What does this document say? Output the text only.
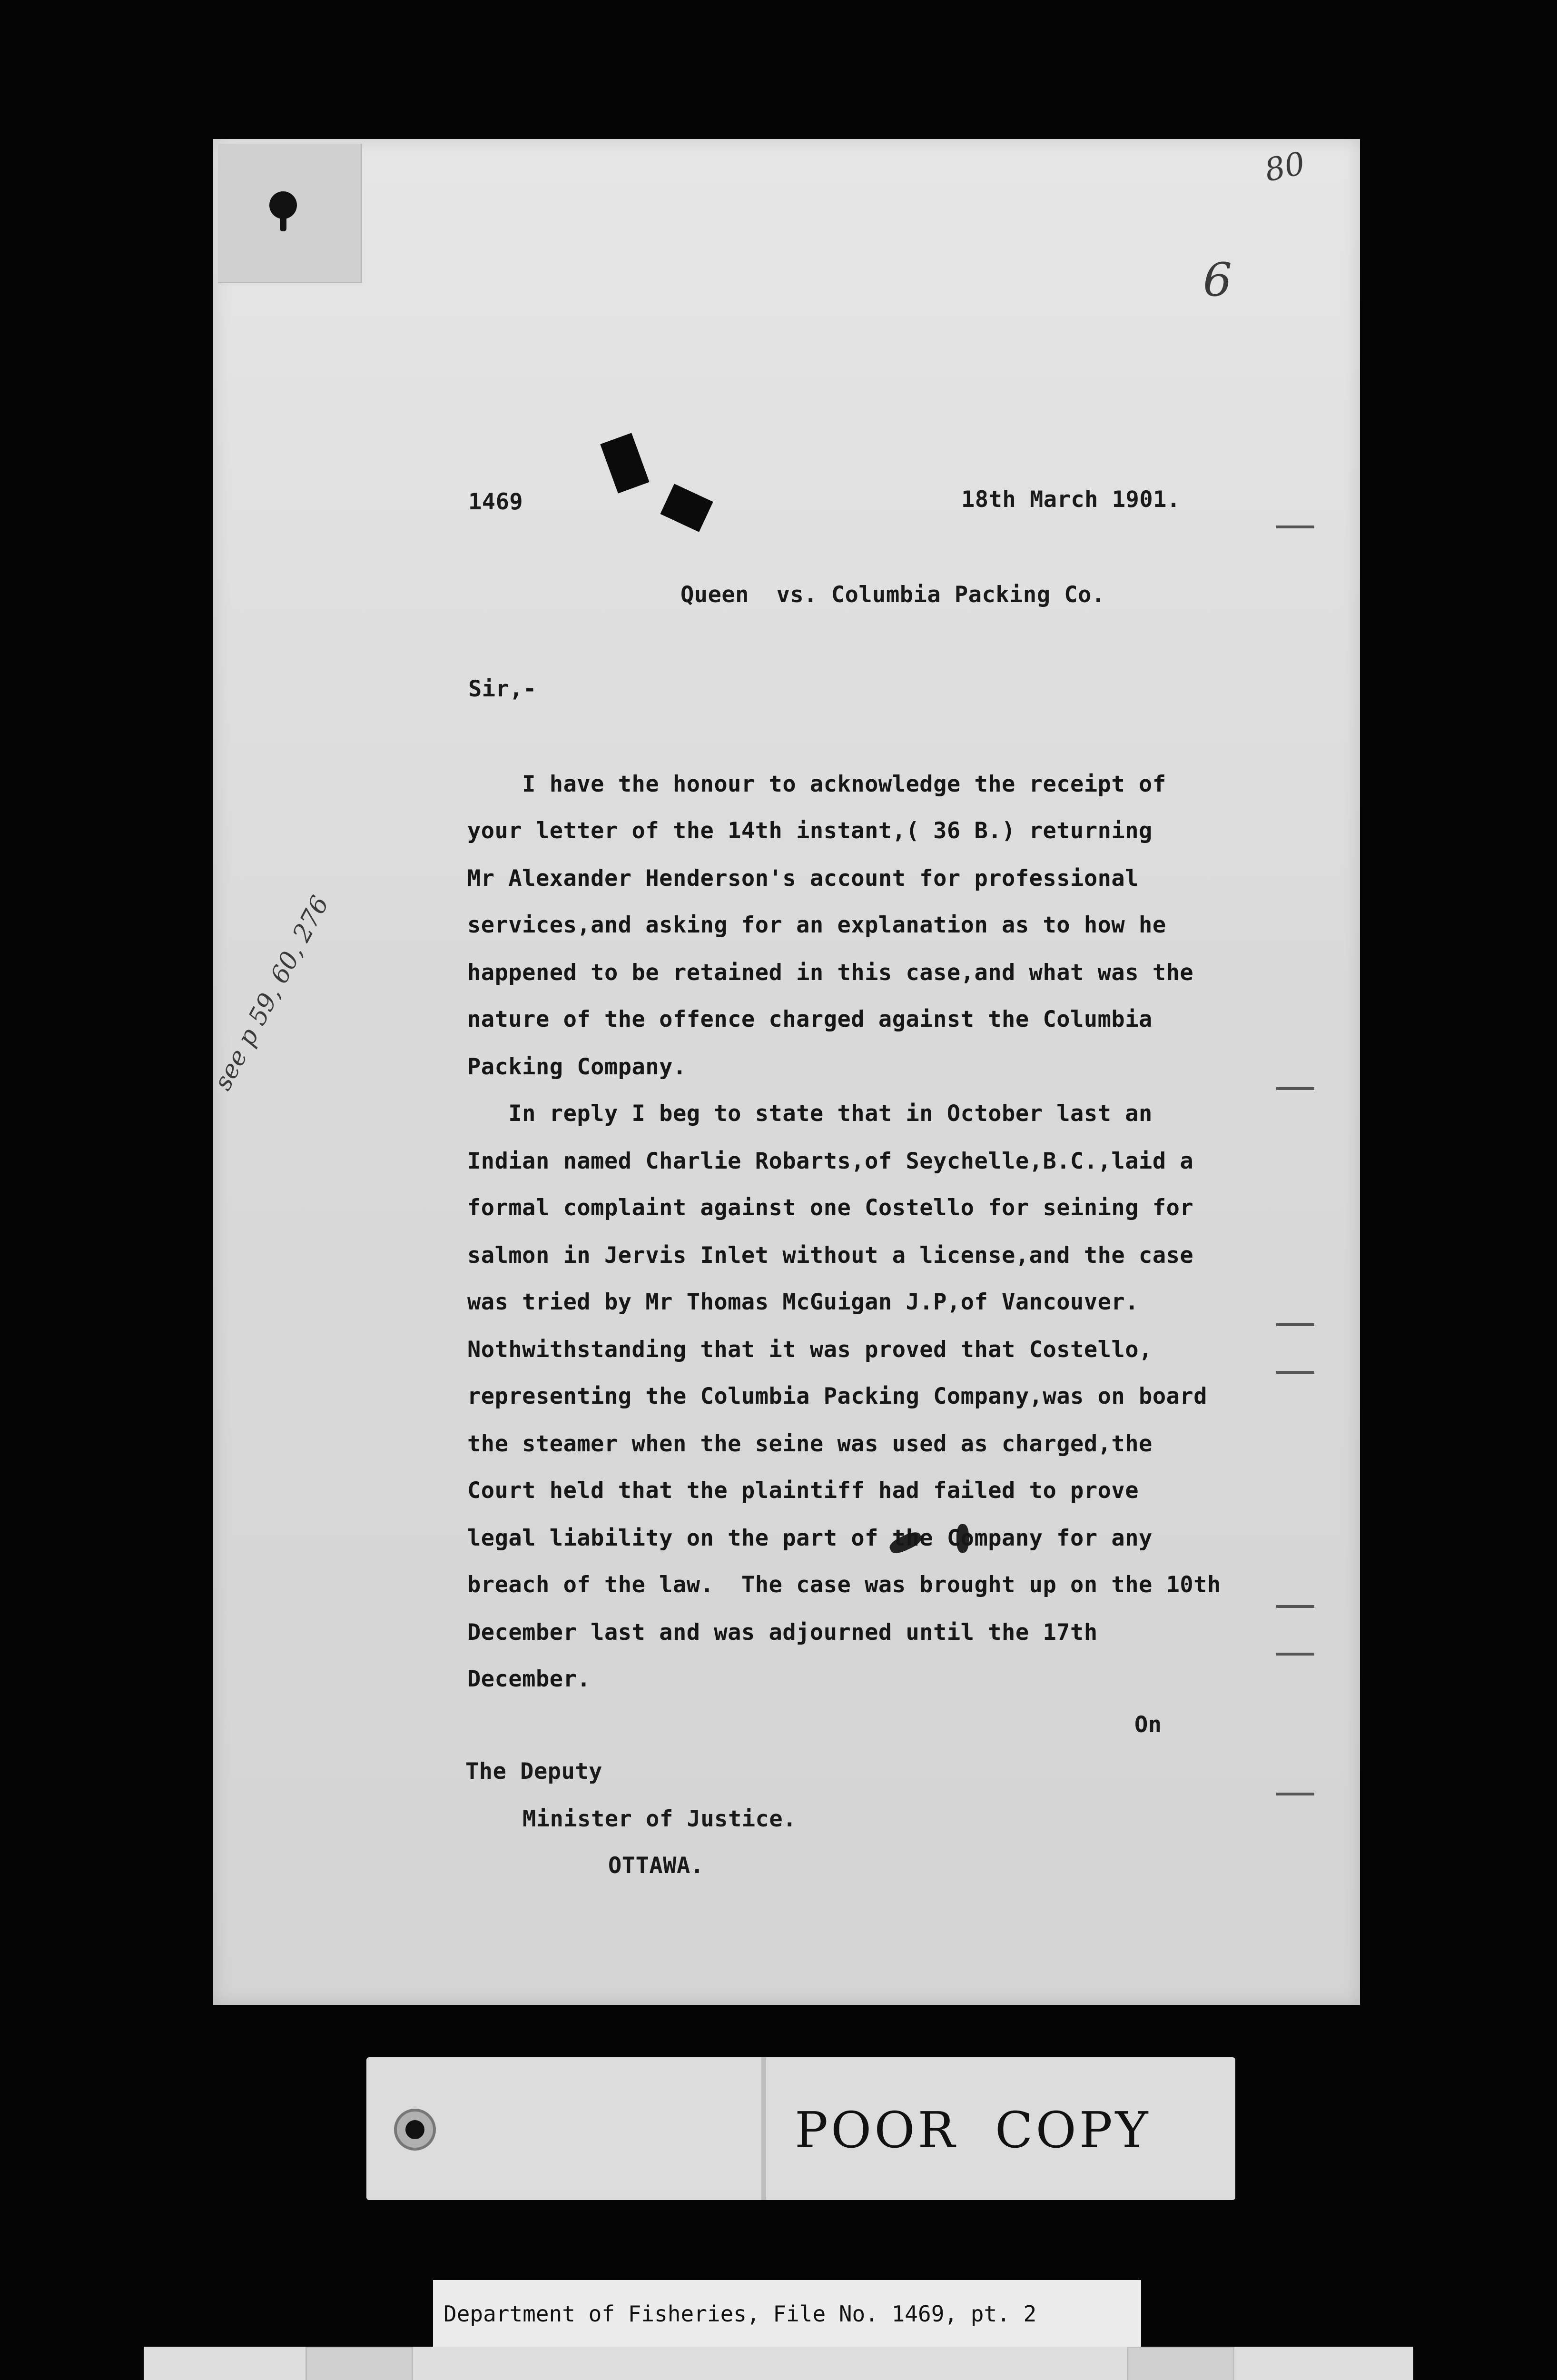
80
6
see p 59, 60, 276
1469	18th March 1901.
Queen  vs. Columbia Packing Co.
Sir,-
I have the honour to acknowledge the receipt of
your letter of the 14th instant,( 36 B.) returning
Mr Alexander Henderson's account for professional
services,and asking for an explanation as to how he
happened to be retained in this case,and what was the
nature of the offence charged against the Columbia
Packing Company.
In reply I beg to state that in October last an
Indian named Charlie Robarts,of Seychelle,B.C.,laid a
formal complaint against one Costello for seining for
salmon in Jervis Inlet without a license,and the case
was tried by Mr Thomas McGuigan J.P,of Vancouver.
Nothwithstanding that it was proved that Costello,
representing the Columbia Packing Company,was on board
the steamer when the seine was used as charged,the
Court held that the plaintiff had failed to prove
legal liability on the part of the Company for any
breach of the law.  The case was brought up on the 10th
December last and was adjourned until the 17th
December.
On
The Deputy
Minister of Justice.
OTTAWA.
POOR  COPY
Department of Fisheries, File No. 1469, pt. 2
